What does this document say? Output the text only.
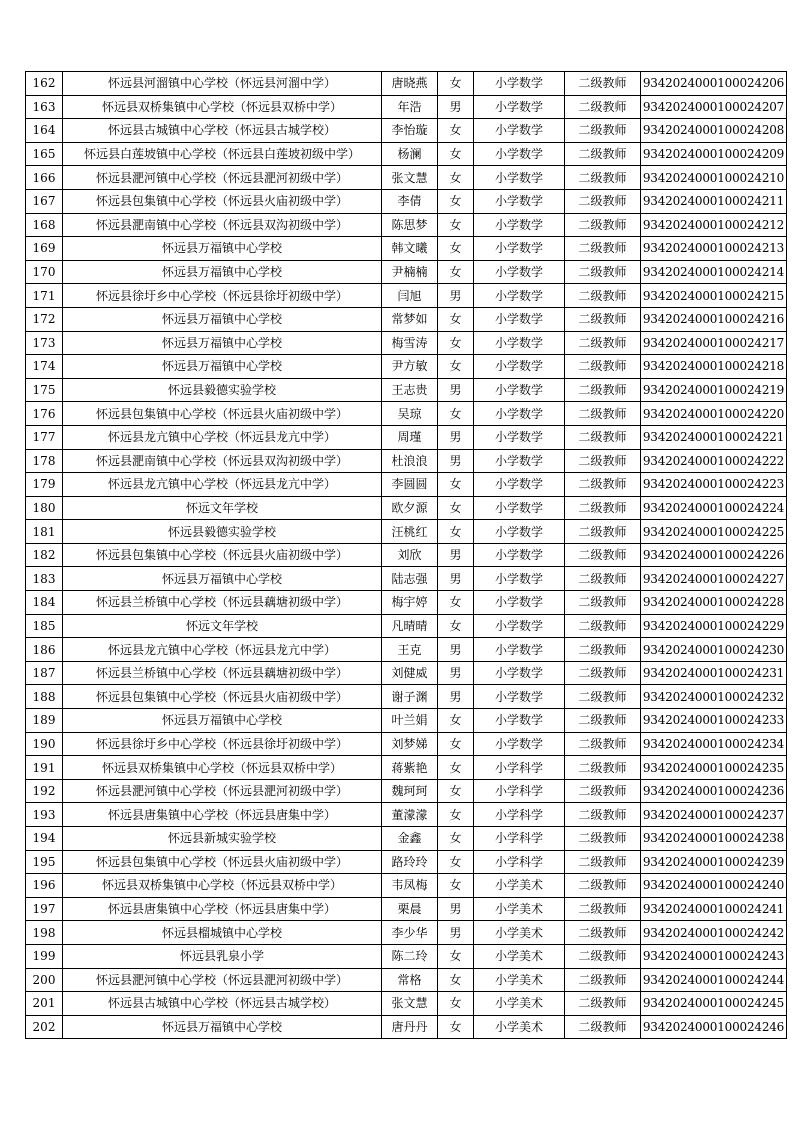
162	怀远县河溜镇中心学校（怀远县河溜中学）	唐晓燕	女	小学数学	二级教师	9342024000100024206
163	怀远县双桥集镇中心学校（怀远县双桥中学）	年浩	男	小学数学	二级教师	9342024000100024207
164	怀远县古城镇中心学校（怀远县古城学校）	李怡璇	女	小学数学	二级教师	9342024000100024208
165	怀远县白莲坡镇中心学校（怀远县白莲坡初级中学）	杨澜	女	小学数学	二级教师	9342024000100024209
166	怀远县淝河镇中心学校（怀远县淝河初级中学）	张文慧	女	小学数学	二级教师	9342024000100024210
167	怀远县包集镇中心学校（怀远县火庙初级中学）	李倩	女	小学数学	二级教师	9342024000100024211
168	怀远县淝南镇中心学校（怀远县双沟初级中学）	陈思梦	女	小学数学	二级教师	9342024000100024212
169	怀远县万福镇中心学校	韩文曦	女	小学数学	二级教师	9342024000100024213
170	怀远县万福镇中心学校	尹楠楠	女	小学数学	二级教师	9342024000100024214
171	怀远县徐圩乡中心学校（怀远县徐圩初级中学）	闫旭	男	小学数学	二级教师	9342024000100024215
172	怀远县万福镇中心学校	常梦如	女	小学数学	二级教师	9342024000100024216
173	怀远县万福镇中心学校	梅雪涛	女	小学数学	二级教师	9342024000100024217
174	怀远县万福镇中心学校	尹方敏	女	小学数学	二级教师	9342024000100024218
175	怀远县毅德实验学校	王志贵	男	小学数学	二级教师	9342024000100024219
176	怀远县包集镇中心学校（怀远县火庙初级中学）	吴琼	女	小学数学	二级教师	9342024000100024220
177	怀远县龙亢镇中心学校（怀远县龙亢中学）	周瑾	男	小学数学	二级教师	9342024000100024221
178	怀远县淝南镇中心学校（怀远县双沟初级中学）	杜浪浪	男	小学数学	二级教师	9342024000100024222
179	怀远县龙亢镇中心学校（怀远县龙亢中学）	李圆圆	女	小学数学	二级教师	9342024000100024223
180	怀远文年学校	欧夕源	女	小学数学	二级教师	9342024000100024224
181	怀远县毅德实验学校	汪桃红	女	小学数学	二级教师	9342024000100024225
182	怀远县包集镇中心学校（怀远县火庙初级中学）	刘欣	男	小学数学	二级教师	9342024000100024226
183	怀远县万福镇中心学校	陆志强	男	小学数学	二级教师	9342024000100024227
184	怀远县兰桥镇中心学校（怀远县藕塘初级中学）	梅宇婷	女	小学数学	二级教师	9342024000100024228
185	怀远文年学校	凡晴晴	女	小学数学	二级教师	9342024000100024229
186	怀远县龙亢镇中心学校（怀远县龙亢中学）	王克	男	小学数学	二级教师	9342024000100024230
187	怀远县兰桥镇中心学校（怀远县藕塘初级中学）	刘健威	男	小学数学	二级教师	9342024000100024231
188	怀远县包集镇中心学校（怀远县火庙初级中学）	谢子渊	男	小学数学	二级教师	9342024000100024232
189	怀远县万福镇中心学校	叶兰娟	女	小学数学	二级教师	9342024000100024233
190	怀远县徐圩乡中心学校（怀远县徐圩初级中学）	刘梦娣	女	小学数学	二级教师	9342024000100024234
191	怀远县双桥集镇中心学校（怀远县双桥中学）	蒋紫艳	女	小学科学	二级教师	9342024000100024235
192	怀远县淝河镇中心学校（怀远县淝河初级中学）	魏珂珂	女	小学科学	二级教师	9342024000100024236
193	怀远县唐集镇中心学校（怀远县唐集中学）	董濛濛	女	小学科学	二级教师	9342024000100024237
194	怀远县新城实验学校	金鑫	女	小学科学	二级教师	9342024000100024238
195	怀远县包集镇中心学校（怀远县火庙初级中学）	路玲玲	女	小学科学	二级教师	9342024000100024239
196	怀远县双桥集镇中心学校（怀远县双桥中学）	韦凤梅	女	小学美术	二级教师	9342024000100024240
197	怀远县唐集镇中心学校（怀远县唐集中学）	栗晨	男	小学美术	二级教师	9342024000100024241
198	怀远县榴城镇中心学校	李少华	男	小学美术	二级教师	9342024000100024242
199	怀远县乳泉小学	陈二玲	女	小学美术	二级教师	9342024000100024243
200	怀远县淝河镇中心学校（怀远县淝河初级中学）	常格	女	小学美术	二级教师	9342024000100024244
201	怀远县古城镇中心学校（怀远县古城学校）	张文慧	女	小学美术	二级教师	9342024000100024245
202	怀远县万福镇中心学校	唐丹丹	女	小学美术	二级教师	9342024000100024246
